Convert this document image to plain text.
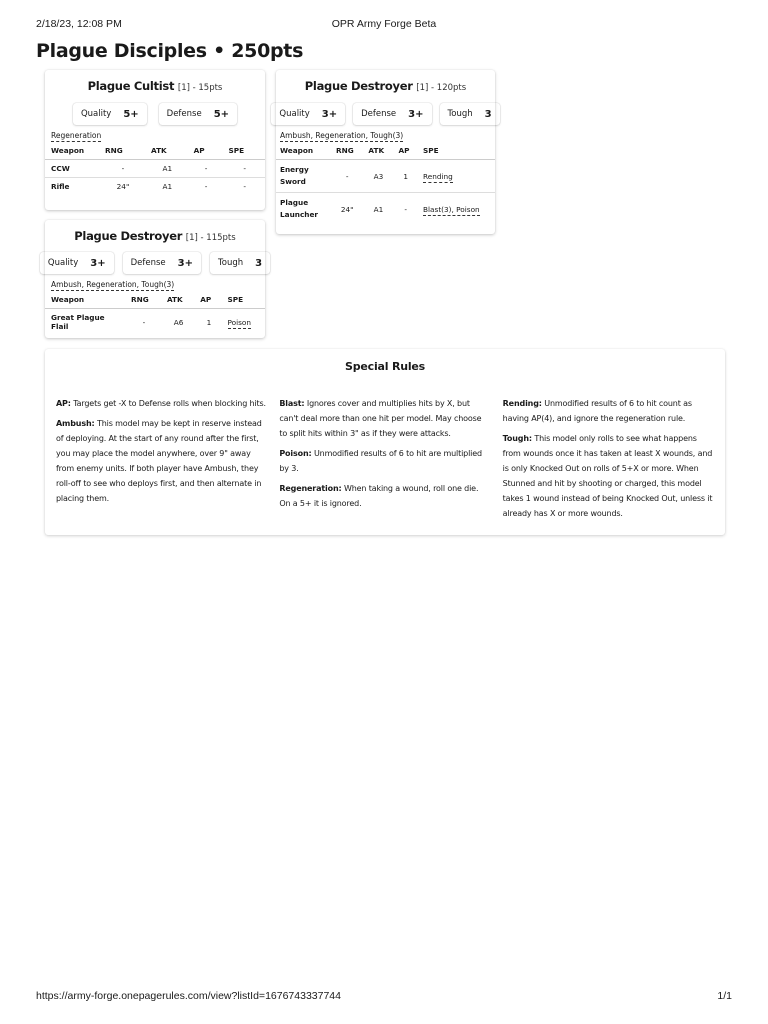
2/18/23, 12:08 PM	OPR Army Forge Beta
Plague Disciples • 250pts
Plague Cultist [1] - 15pts
Quality 5+	Defense 5+
Regeneration
Weapon	RNG	ATK	AP	SPE
CCW	-	A1	-	-
Rifle	24"	A1	-	-
Plague Destroyer [1] - 120pts
Quality 3+	Defense 3+	Tough 3
Ambush, Regeneration, Tough(3)
Weapon	RNG	ATK	AP	SPE
Energy Sword	-	A3	1	Rending
Plague Launcher	24"	A1	-	Blast(3), Poison
Plague Destroyer [1] - 115pts
Quality 3+	Defense 3+	Tough 3
Ambush, Regeneration, Tough(3)
Weapon	RNG	ATK	AP	SPE
Great Plague Flail	-	A6	1	Poison
Special Rules

AP: Targets get -X to Defense rolls when blocking hits.

Ambush: This model may be kept in reserve instead of deploying. At the start of any round after the first, you may place the model anywhere, over 9" away from enemy units. If both player have Ambush, they roll-off to see who deploys first, and then alternate in placing them.

Blast: Ignores cover and multiplies hits by X, but can't deal more than one hit per model. May choose to split hits within 3" as if they were attacks.

Poison: Unmodified results of 6 to hit are multiplied by 3.

Regeneration: When taking a wound, roll one die. On a 5+ it is ignored.

Rending: Unmodified results of 6 to hit count as having AP(4), and ignore the regeneration rule.

Tough: This model only rolls to see what happens from wounds once it has taken at least X wounds, and is only Knocked Out on rolls of 5+X or more. When Stunned and hit by shooting or charged, this model takes 1 wound instead of being Knocked Out, unless it already has X or more wounds.

https://army-forge.onepagerules.com/view?listId=1676743337744	1/1
